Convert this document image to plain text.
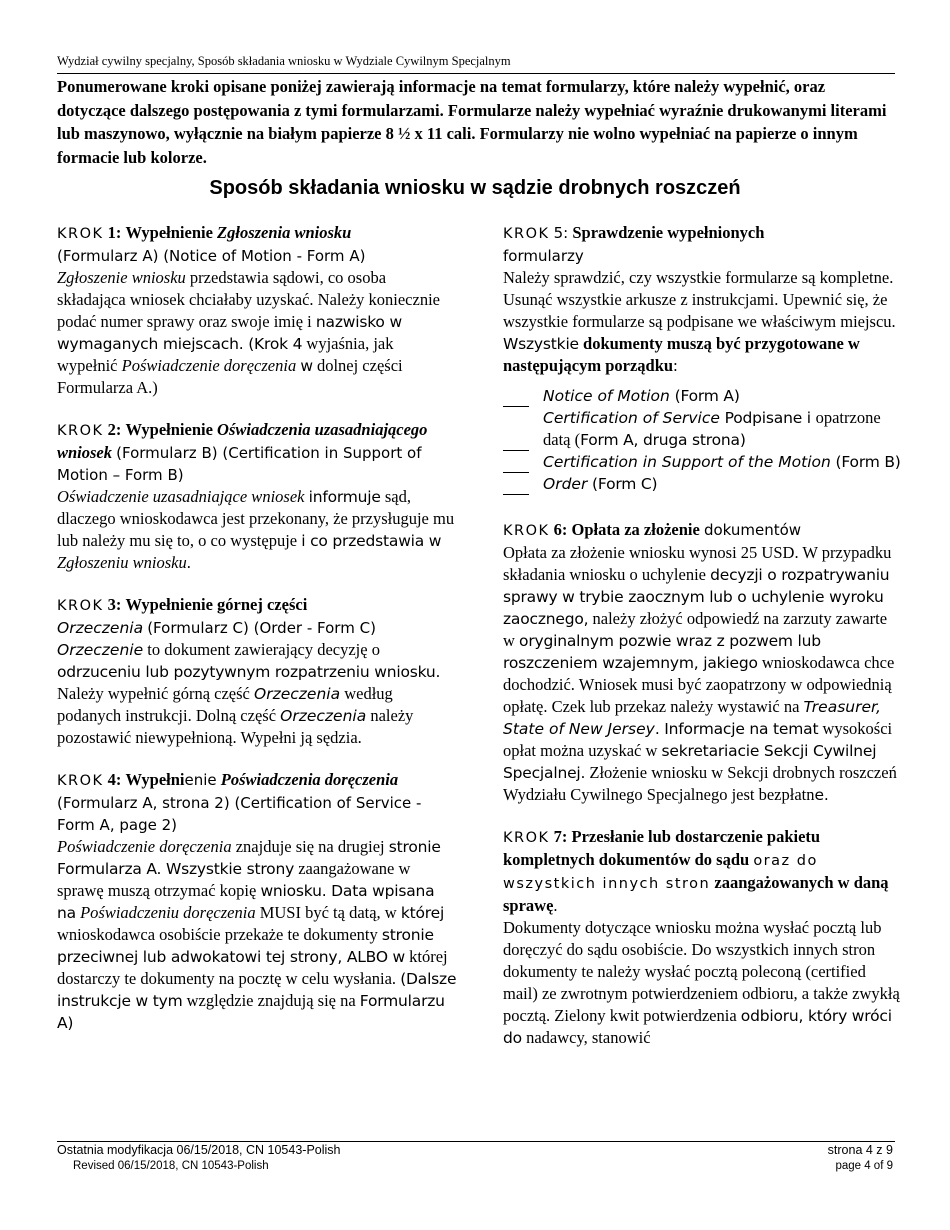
Wydział cywilny specjalny, Sposób składania wniosku w Wydziale Cywilnym Specjalnym
Ponumerowane kroki opisane poniżej zawierają informacje na temat formularzy, które należy wypełnić, oraz dotyczące dalszego postępowania z tymi formularzami. Formularze należy wypełniać wyraźnie drukowanymi literami lub maszynowo, wyłącznie na białym papierze 8 ½ x 11 cali. Formularzy nie wolno wypełniać na papierze o innym formacie lub kolorze.
Sposób składania wniosku w sądzie drobnych roszczeń

KROK 1: Wypełnienie Zgłoszenia wniosku
(Formularz A) (Notice of Motion - Form A)

Zgłoszenie wniosku przedstawia sądowi, co osoba składająca wniosek chciałaby uzyskać. Należy koniecznie podać numer sprawy oraz swoje imię i nazwisko w wymaganych miejscach. (Krok 4 wyjaśnia, jak wypełnić Poświadczenie doręczenia w dolnej części Formularza A.)

KROK 2: Wypełnienie Oświadczenia uzasadniającego wniosek (Formularz B) (Certification in Support of Motion – Form B)

Oświadczenie uzasadniające wniosek informuje sąd, dlaczego wnioskodawca jest przekonany, że przysługuje mu lub należy mu się to, o co występuje i co przedstawia w Zgłoszeniu wniosku.

KROK 3: Wypełnienie górnej części
Orzeczenia (Formularz C) (Order - Form C)

Orzeczenie to dokument zawierający decyzję o odrzuceniu lub pozytywnym rozpatrzeniu wniosku. Należy wypełnić górną część Orzeczenia według podanych instrukcji. Dolną część Orzeczenia należy pozostawić niewypełnioną. Wypełni ją sędzia.

KROK 4: Wypełnienie Poświadczenia doręczenia (Formularz A, strona 2) (Certification of Service - Form A, page 2)

Poświadczenie doręczenia znajduje się na drugiej stronie Formularza A. Wszystkie strony zaangażowane w sprawę muszą otrzymać kopię wniosku. Data wpisana na Poświadczeniu doręczenia MUSI być tą datą, w której wnioskodawca osobiście przekaże te dokumenty stronie przeciwnej lub adwokatowi tej strony, ALBO w której dostarczy te dokumenty na pocztę w celu wysłania. (Dalsze instrukcje w tym względzie znajdują się na Formularzu A)

KROK 5: Sprawdzenie wypełnionych
formularzy

Należy sprawdzić, czy wszystkie formularze są kompletne. Usunąć wszystkie arkusze z instrukcjami. Upewnić się, że wszystkie formularze są podpisane we właściwym miejscu. Wszystkie dokumenty muszą być przygotowane w następującym porządku:

Notice of Motion (Form A)
Certification of Service Podpisane i opatrzone datą (Form A, druga strona)
Certification in Support of the Motion (Form B)
Order (Form C)

KROK 6: Opłata za złożenie dokumentów

Opłata za złożenie wniosku wynosi 25 USD. W przypadku składania wniosku o uchylenie decyzji o rozpatrywaniu sprawy w trybie zaocznym lub o uchylenie wyroku zaocznego, należy złożyć odpowiedź na zarzuty zawarte w oryginalnym pozwie wraz z pozwem lub roszczeniem wzajemnym, jakiego wnioskodawca chce dochodzić. Wniosek musi być zaopatrzony w odpowiednią opłatę. Czek lub przekaz należy wystawić na Treasurer, State of New Jersey. Informacje na temat wysokości opłat można uzyskać w sekretariacie Sekcji Cywilnej Specjalnej. Złożenie wniosku w Sekcji drobnych roszczeń Wydziału Cywilnego Specjalnego jest bezpłatne.

KROK 7: Przesłanie lub dostarczenie pakietu kompletnych dokumentów do sądu oraz do wszystkich innych stron zaangażowanych w daną sprawę.

Dokumenty dotyczące wniosku można wysłać pocztą lub doręczyć do sądu osobiście. Do wszystkich innych stron dokumenty te należy wysłać pocztą poleconą (certified mail) ze zwrotnym potwierdzeniem odbioru, a także zwykłą pocztą. Zielony kwit potwierdzenia odbioru, który wróci do nadawcy, stanowić

Ostatnia modyfikacja 06/15/2018, CN 10543-Polish
Revised 06/15/2018, CN 10543-Polish
strona 4 z 9
page 4 of 9
